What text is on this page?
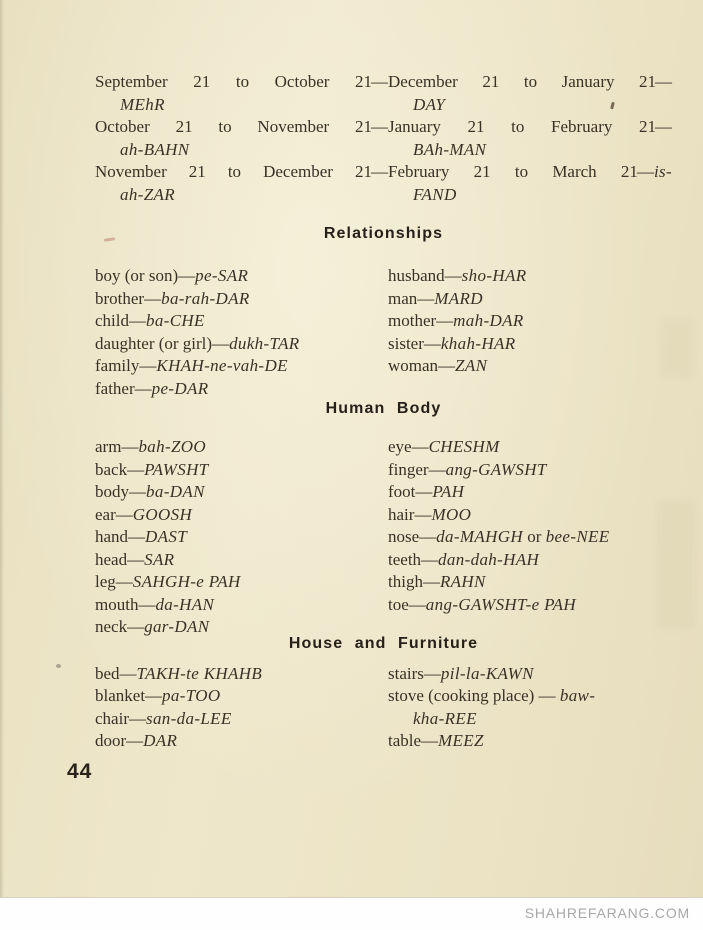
September 21 to October 21—
MEhR
October 21 to November 21—
ah-BAHN
November 21 to December 21—
ah-ZAR
December 21 to January 21—
DAY
January 21 to February 21—
BAh-MAN
February 21 to March 21—is-
FAND
Relationships
boy (or son)—pe-SAR
brother—ba-rah-DAR
child—ba-CHE
daughter (or girl)—dukh-TAR
family—KHAH-ne-vah-DE
father—pe-DAR
husband—sho-HAR
man—MARD
mother—mah-DAR
sister—khah-HAR
woman—ZAN
Human Body
arm—bah-ZOO
back—PAWSHT
body—ba-DAN
ear—GOOSH
hand—DAST
head—SAR
leg—SAHGH-e PAH
mouth—da-HAN
neck—gar-DAN
eye—CHESHM
finger—ang-GAWSHT
foot—PAH
hair—MOO
nose—da-MAHGH or bee-NEE
teeth—dan-dah-HAH
thigh—RAHN
toe—ang-GAWSHT-e PAH
House and Furniture
bed—TAKH-te KHAHB
blanket—pa-TOO
chair—san-da-LEE
door—DAR
stairs—pil-la-KAWN
stove (cooking place) — baw-
kha-REE
table—MEEZ
44
SHAHREFARANG.COM
